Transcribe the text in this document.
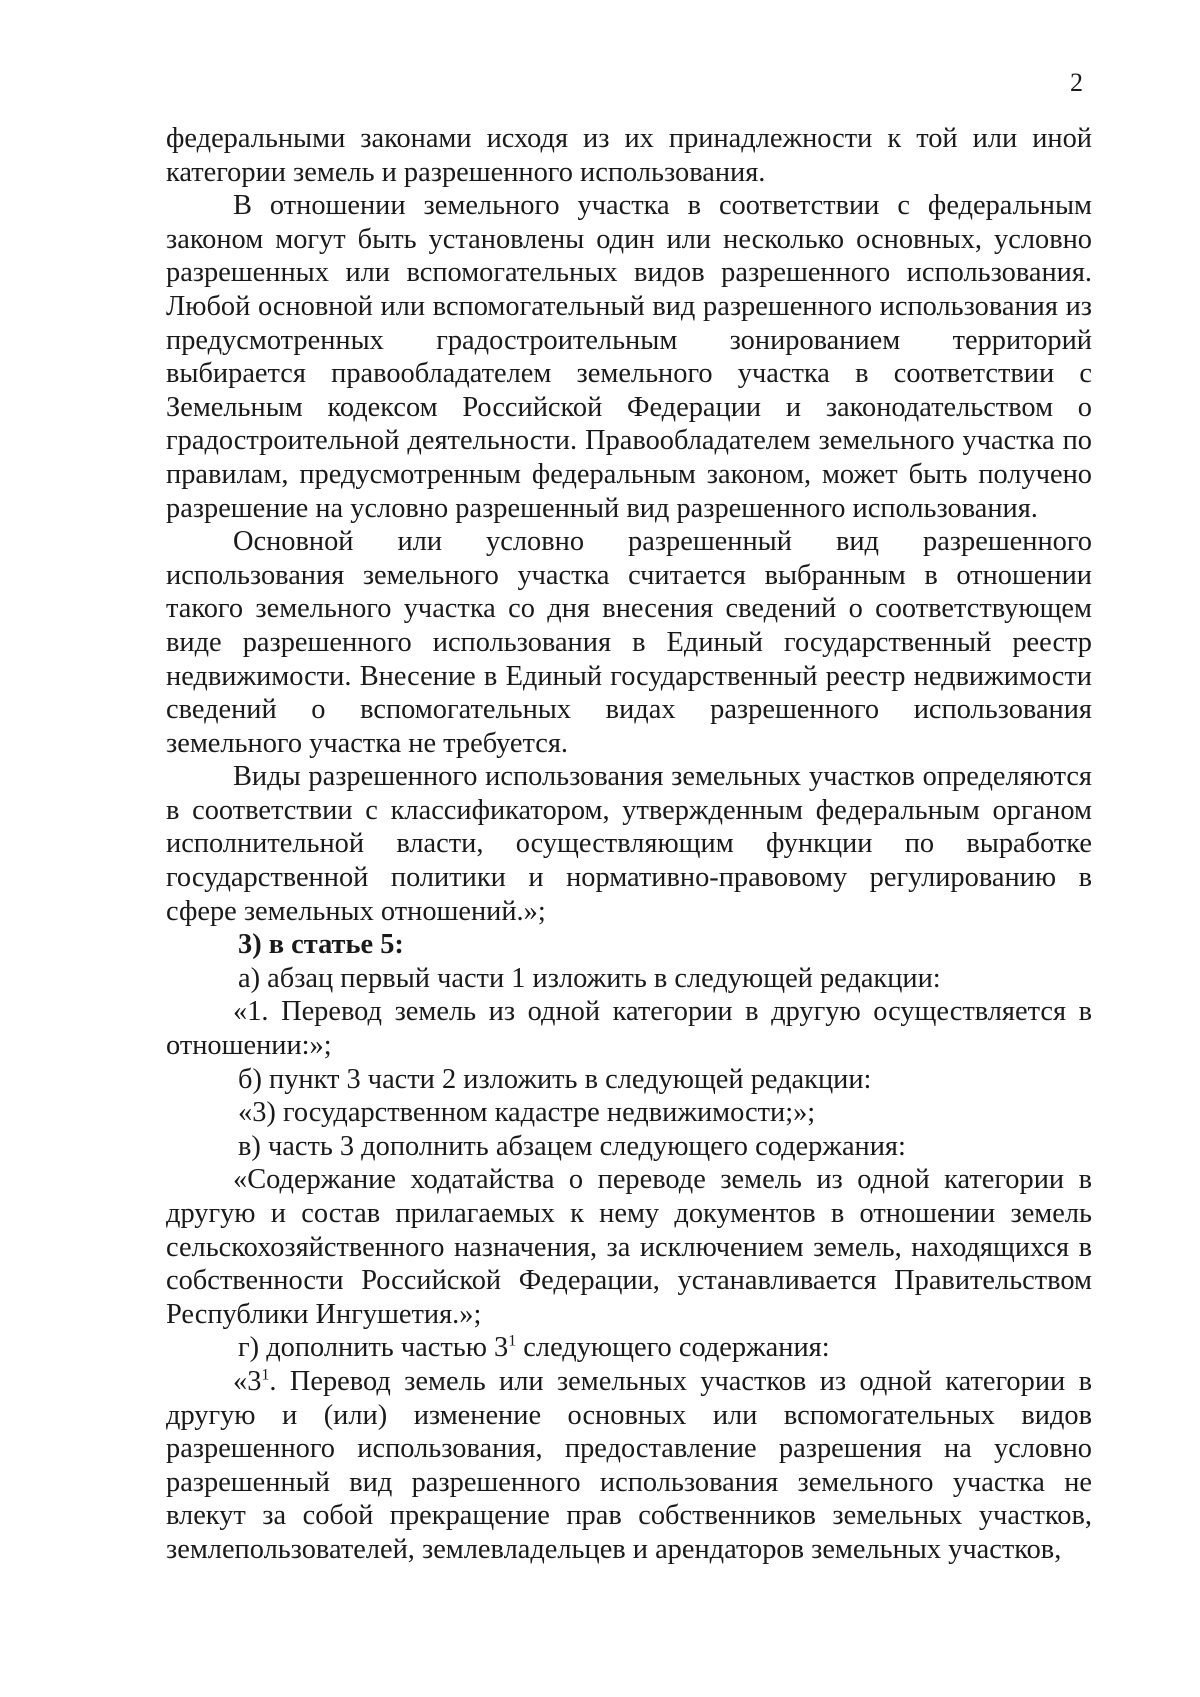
2

федеральными законами исходя из их принадлежности к той или иной категории земель и разрешенного использования.

В отношении земельного участка в соответствии с федеральным законом могут быть установлены один или несколько основных, условно разрешенных или вспомогательных видов разрешенного использования. Любой основной или вспомогательный вид разрешенного использования из предусмотренных градостроительным зонированием территорий выбирается правообладателем земельного участка в соответствии с Земельным кодексом Российской Федерации и законодательством о градостроительной деятельности. Правообладателем земельного участка по правилам, предусмотренным федеральным законом, может быть получено разрешение на условно разрешенный вид разрешенного использования.

Основной или условно разрешенный вид разрешенного использования земельного участка считается выбранным в отношении такого земельного участка со дня внесения сведений о соответствующем виде разрешенного использования в Единый государственный реестр недвижимости. Внесение в Единый государственный реестр недвижимости сведений о вспомогательных видах разрешенного использования земельного участка не требуется.

Виды разрешенного использования земельных участков определяются в соответствии с классификатором, утвержденным федеральным органом исполнительной власти, осуществляющим функции по выработке государственной политики и нормативно-правовому регулированию в сфере земельных отношений.»;

3) в статье 5:

а) абзац первый части 1 изложить в следующей редакции:

«1. Перевод земель из одной категории в другую осуществляется в отношении:»;

б) пункт 3 части 2 изложить в следующей редакции:

«3) государственном кадастре недвижимости;»;

в) часть 3 дополнить абзацем следующего содержания:

«Содержание ходатайства о переводе земель из одной категории в другую и состав прилагаемых к нему документов в отношении земель сельскохозяйственного назначения, за исключением земель, находящихся в собственности Российской Федерации, устанавливается Правительством Республики Ингушетия.»;

г) дополнить частью $3^1$ следующего содержания:

«$3^1$. Перевод земель или земельных участков из одной категории в другую и (или) изменение основных или вспомогательных видов разрешенного использования, предоставление разрешения на условно разрешенный вид разрешенного использования земельного участка не влекут за собой прекращение прав собственников земельных участков, землепользователей, землевладельцев и арендаторов земельных участков,
